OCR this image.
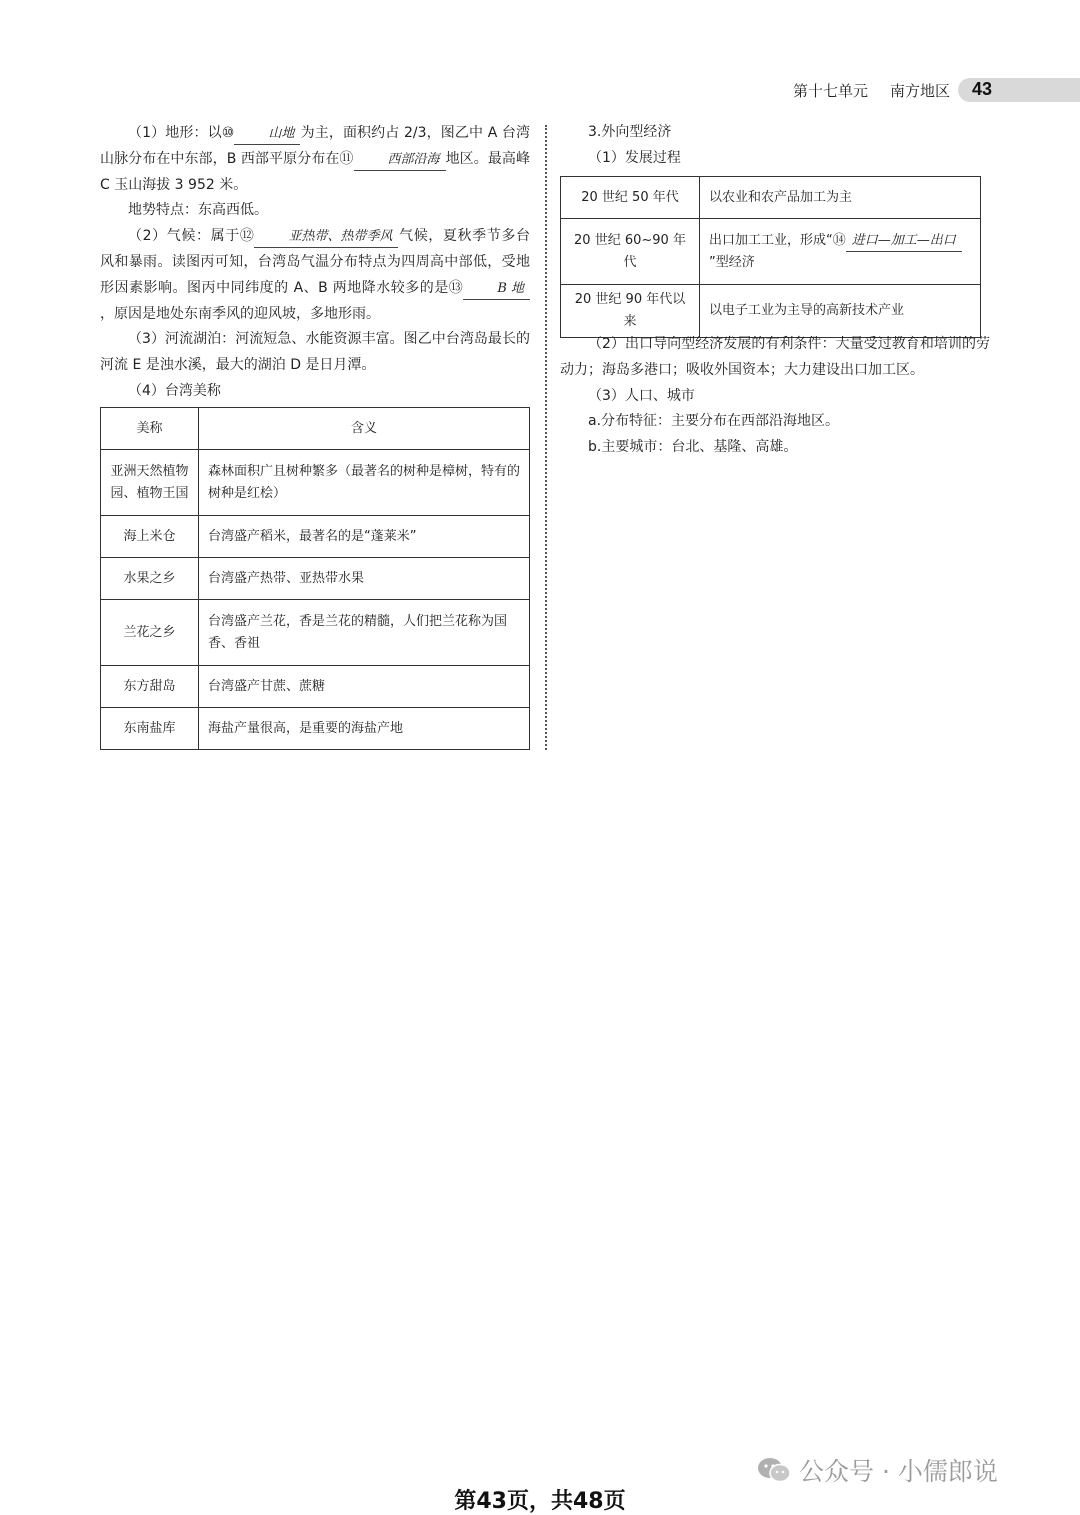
第十七单元 南方地区	43

（1）地形：以⑩	山地 为主，面积约占 2/3，图乙中 A 台湾山脉分布在中东部，B 西部平原分布在⑪	西部沿海 地区。最高峰 C 玉山海拔 3 952 米。

地势特点：东高西低。

（2）气候：属于⑫	亚热带、热带季风 气候，夏秋季节多台风和暴雨。读图丙可知，台湾岛气温分布特点为四周高中部低，受地形因素影响。图丙中同纬度的 A、B 两地降水较多的是⑬	B 地，原因是地处东南季风的迎风坡，多地形雨。

（3）河流湖泊：河流短急、水能资源丰富。图乙中台湾岛最长的河流 E 是浊水溪，最大的湖泊 D 是日月潭。

（4）台湾美称

美称	含义
亚洲天然植物园、植物王国	森林面积广且树种繁多（最著名的树种是樟树，特有的树种是红桧）
海上米仓	台湾盛产稻米，最著名的是“蓬莱米”
水果之乡	台湾盛产热带、亚热带水果
兰花之乡	台湾盛产兰花，香是兰花的精髓，人们把兰花称为国香、香祖
东方甜岛	台湾盛产甘蔗、蔗糖
东南盐库	海盐产量很高，是重要的海盐产地

3.外向型经济

（1）发展过程

20 世纪 50 年代	以农业和农产品加工为主
20 世纪 60~90 年代	出口加工工业，形成“⑭ 进口—加工—出口”型经济
20 世纪 90 年代以来	以电子工业为主导的高新技术产业

（2）出口导向型经济发展的有利条件：大量受过教育和培训的劳动力；海岛多港口；吸收外国资本；大力建设出口加工区。

（3）人口、城市

a.分布特征：主要分布在西部沿海地区。

b.主要城市：台北、基隆、高雄。

公众号 · 小儒郎说
第43页，共48页
